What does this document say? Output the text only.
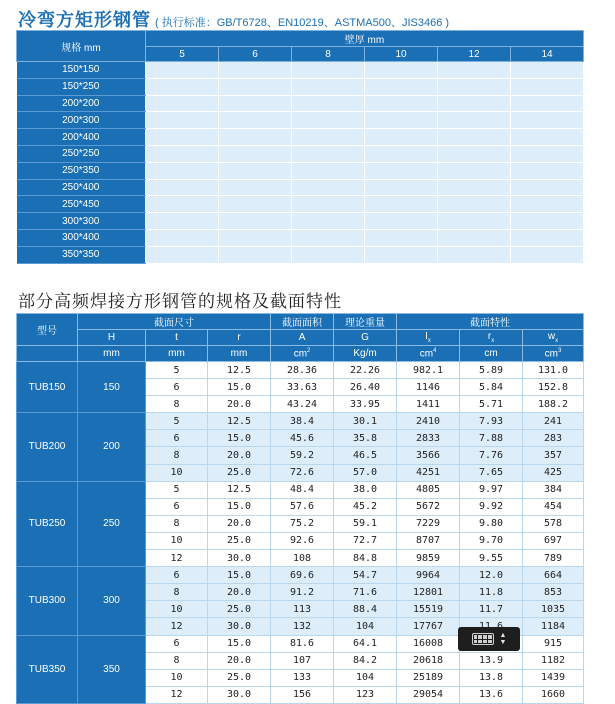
冷弯方矩形钢管 ( 执行标准：GB/T6728、EN10219、ASTMA500、JIS3466 )
规格 mm	壁厚 mm					
	5	6	8	10	12	14
150*150						
150*250						
200*200						
200*300						
200*400						
250*250						
250*350						
250*400						
250*450						
300*300						
300*400						
350*350						
部分高频焊接方形钢管的规格及截面特性
型号	截面尺寸			截面面积	理论重量	截面特性		
	H	t	r	A	G	$I_x$	$r_x$	$w_x$
	mm	mm	mm	$cm^2$	Kg/m	$cm^4$	cm	$cm^3$
TUB150	150	5	12.5	28.36	22.26	982.1	5.89	131.0
		6	15.0	33.63	26.40	1146	5.84	152.8
		8	20.0	43.24	33.95	1411	5.71	188.2
TUB200	200	5	12.5	38.4	30.1	2410	7.93	241
		6	15.0	45.6	35.8	2833	7.88	283
		8	20.0	59.2	46.5	3566	7.76	357
		10	25.0	72.6	57.0	4251	7.65	425
TUB250	250	5	12.5	48.4	38.0	4805	9.97	384
		6	15.0	57.6	45.2	5672	9.92	454
		8	20.0	75.2	59.1	7229	9.80	578
		10	25.0	92.6	72.7	8707	9.70	697
		12	30.0	108	84.8	9859	9.55	789
TUB300	300	6	15.0	69.6	54.7	9964	12.0	664
		8	20.0	91.2	71.6	12801	11.8	853
		10	25.0	113	88.4	15519	11.7	1035
		12	30.0	132	104	17767		1184
TUB350	350	6	15.0	81.6	64.1	16008		915
		8	20.0	107	84.2	20618	13.9	1182
		10	25.0	133	104	25189	13.8	1439
		12	30.0	156	123	29054	13.6	1660
▲
▼
